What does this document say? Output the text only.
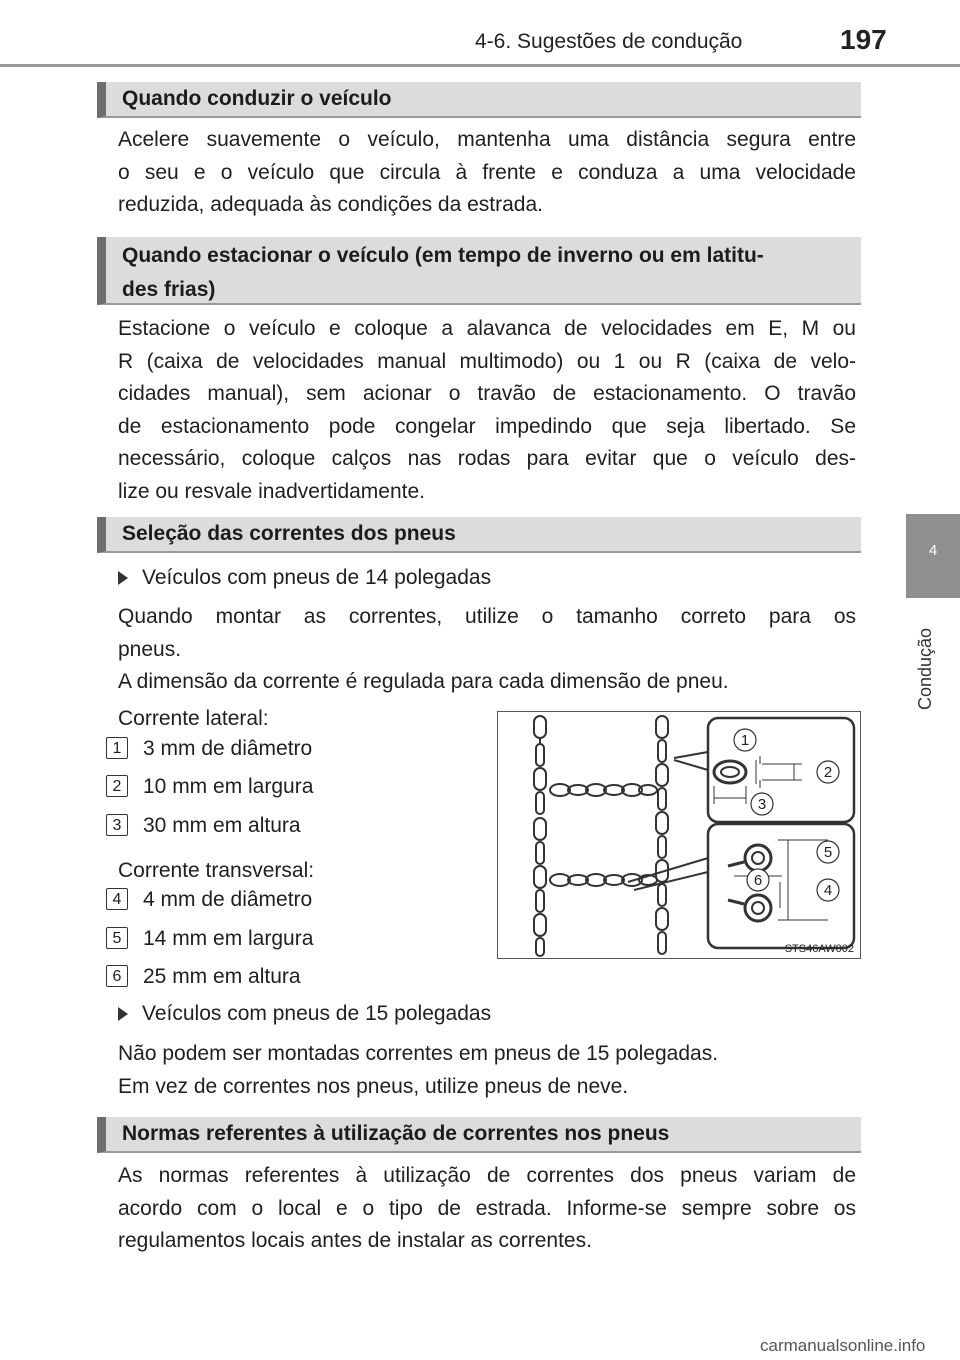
4-6. Sugestões de condução	197
4
Condução
Quando conduzir o veículo
Acelere suavemente o veículo, mantenha uma distância segura entre
o seu e o veículo que circula à frente e conduza a uma velocidade
reduzida, adequada às condições da estrada.
Quando estacionar o veículo (em tempo de inverno ou em latitu-
des frias)
Estacione o veículo e coloque a alavanca de velocidades em E, M ou
R (caixa de velocidades manual multimodo) ou 1 ou R (caixa de velo-
cidades manual), sem acionar o travão de estacionamento. O travão
de estacionamento pode congelar impedindo que seja libertado. Se
necessário, coloque calços nas rodas para evitar que o veículo des-
lize ou resvale inadvertidamente.
Seleção das correntes dos pneus
Veículos com pneus de 14 polegadas
Quando montar as correntes, utilize o tamanho correto para os
pneus.
A dimensão da corrente é regulada para cada dimensão de pneu.
Corrente lateral:
1	3 mm de diâmetro
2	10 mm em largura
3	30 mm em altura
Corrente transversal:
4	4 mm de diâmetro
5	14 mm em largura
6	25 mm em altura
1
2
3
5
6
4
STS46AW002
Veículos com pneus de 15 polegadas
Não podem ser montadas correntes em pneus de 15 polegadas.
Em vez de correntes nos pneus, utilize pneus de neve.
Normas referentes à utilização de correntes nos pneus
As normas referentes à utilização de correntes dos pneus variam de
acordo com o local e o tipo de estrada. Informe-se sempre sobre os
regulamentos locais antes de instalar as correntes.
carmanualsonline.info
